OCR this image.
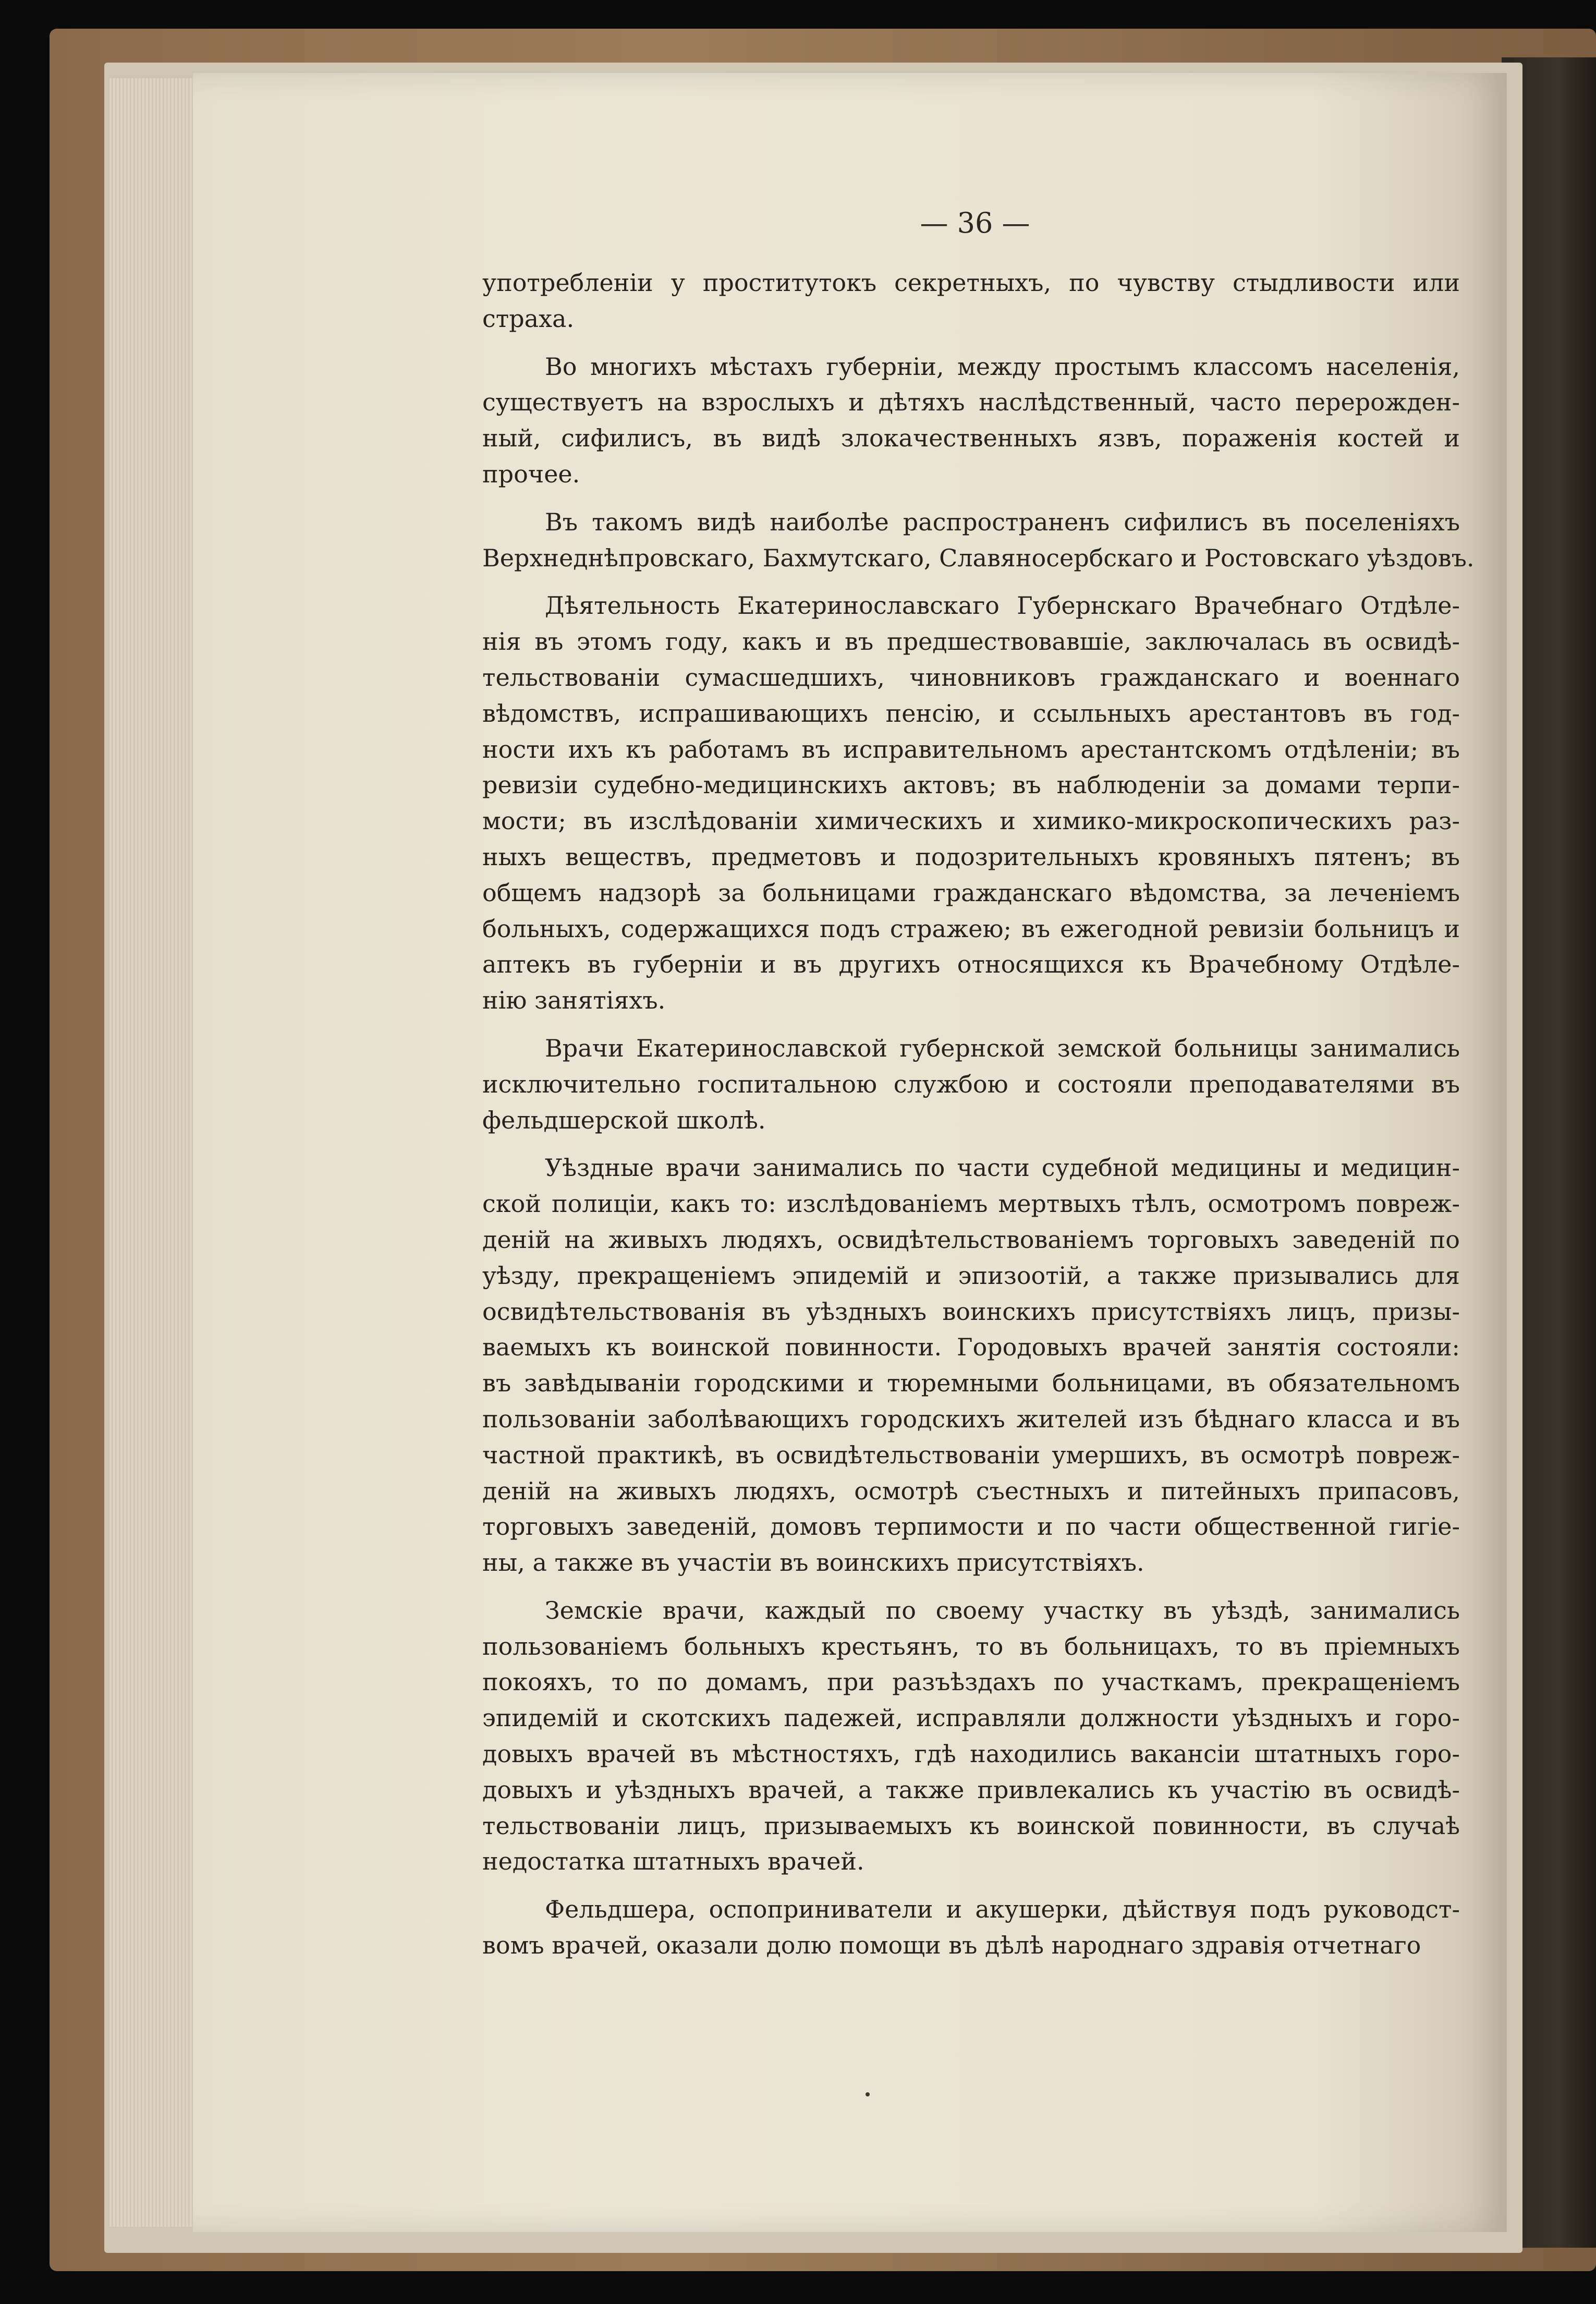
— 36 —
употребленіи у проститутокъ секретныхъ, по чувству стыдливости или
страха.
Во многихъ мѣстахъ губерніи, между простымъ классомъ населенія,
существуетъ на взрослыхъ и дѣтяхъ наслѣдственный, часто перерожден-
ный, сифилисъ, въ видѣ злокачественныхъ язвъ, пораженія костей и
прочее.
Въ такомъ видѣ наиболѣе распространенъ сифилисъ въ поселеніяхъ
Верхнеднѣпровскаго, Бахмутскаго, Славяносербскаго и Ростовскаго уѣздовъ.
Дѣятельность Екатеринославскаго Губернскаго Врачебнаго Отдѣле-
нія въ этомъ году, какъ и въ предшествовавшіе, заключалась въ освидѣ-
тельствованіи сумасшедшихъ, чиновниковъ гражданскаго и военнаго
вѣдомствъ, испрашивающихъ пенсію, и ссыльныхъ арестантовъ въ год-
ности ихъ къ работамъ въ исправительномъ арестантскомъ отдѣленіи; въ
ревизіи судебно-медицинскихъ актовъ; въ наблюденіи за домами терпи-
мости; въ изслѣдованіи химическихъ и химико-микроскопическихъ раз-
ныхъ веществъ, предметовъ и подозрительныхъ кровяныхъ пятенъ; въ
общемъ надзорѣ за больницами гражданскаго вѣдомства, за леченіемъ
больныхъ, содержащихся подъ стражею; въ ежегодной ревизіи больницъ и
аптекъ въ губерніи и въ другихъ относящихся къ Врачебному Отдѣле-
нію занятіяхъ.
Врачи Екатеринославской губернской земской больницы занимались
исключительно госпитальною службою и состояли преподавателями въ
фельдшерской школѣ.
Уѣздные врачи занимались по части судебной медицины и медицин-
ской полиціи, какъ то: изслѣдованіемъ мертвыхъ тѣлъ, осмотромъ повреж-
деній на живыхъ людяхъ, освидѣтельствованіемъ торговыхъ заведеній по
уѣзду, прекращеніемъ эпидемій и эпизоотій, а также призывались для
освидѣтельствованія въ уѣздныхъ воинскихъ присутствіяхъ лицъ, призы-
ваемыхъ къ воинской повинности. Городовыхъ врачей занятія состояли:
въ завѣдываніи городскими и тюремными больницами, въ обязательномъ
пользованіи заболѣвающихъ городскихъ жителей изъ бѣднаго класса и въ
частной практикѣ, въ освидѣтельствованіи умершихъ, въ осмотрѣ повреж-
деній на живыхъ людяхъ, осмотрѣ съестныхъ и питейныхъ припасовъ,
торговыхъ заведеній, домовъ терпимости и по части общественной гигіе-
ны, а также въ участіи въ воинскихъ присутствіяхъ.
Земскіе врачи, каждый по своему участку въ уѣздѣ, занимались
пользованіемъ больныхъ крестьянъ, то въ больницахъ, то въ пріемныхъ
покояхъ, то по домамъ, при разъѣздахъ по участкамъ, прекращеніемъ
эпидемій и скотскихъ падежей, исправляли должности уѣздныхъ и горо-
довыхъ врачей въ мѣстностяхъ, гдѣ находились вакансіи штатныхъ горо-
довыхъ и уѣздныхъ врачей, а также привлекались къ участію въ освидѣ-
тельствованіи лицъ, призываемыхъ къ воинской повинности, въ случаѣ
недостатка штатныхъ врачей.
Фельдшера, оспоприниватели и акушерки, дѣйствуя подъ руководст-
вомъ врачей, оказали долю помощи въ дѣлѣ народнаго здравія отчетнаго
